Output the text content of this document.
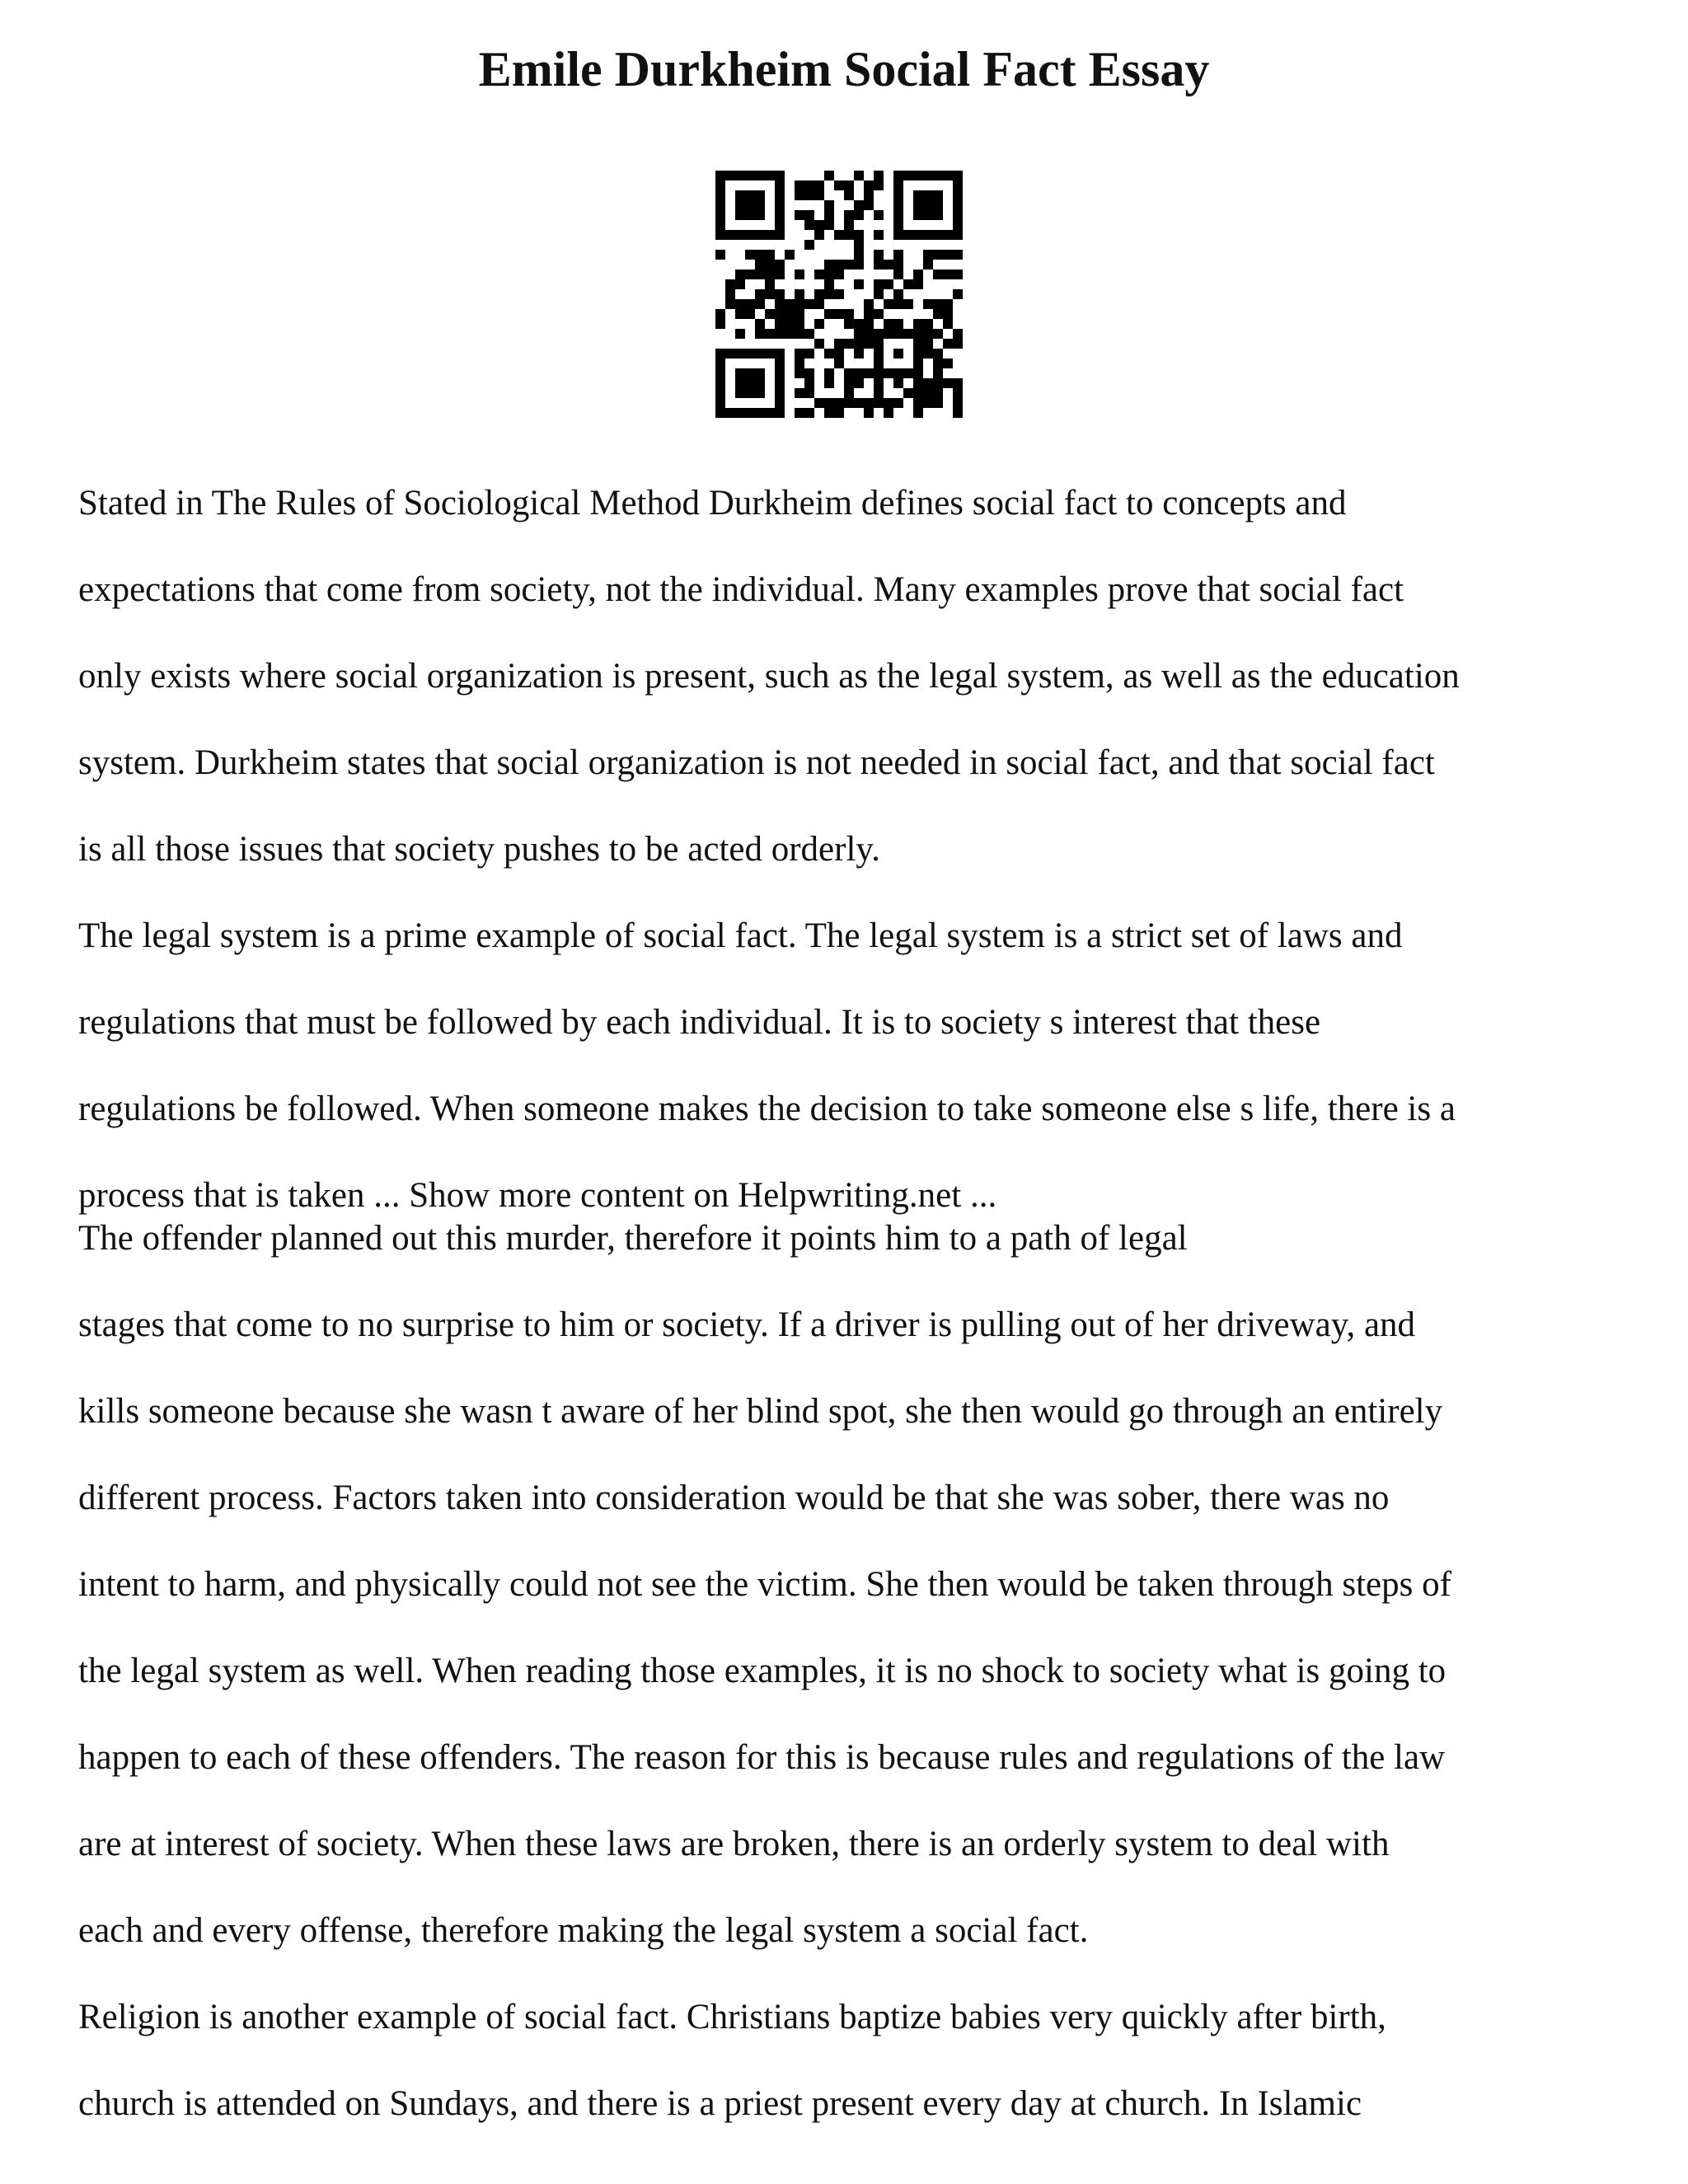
Emile Durkheim Social Fact Essay

Stated in The Rules of Sociological Method Durkheim defines social fact to concepts and

expectations that come from society, not the individual. Many examples prove that social fact

only exists where social organization is present, such as the legal system, as well as the education

system. Durkheim states that social organization is not needed in social fact, and that social fact

is all those issues that society pushes to be acted orderly.

The legal system is a prime example of social fact. The legal system is a strict set of laws and

regulations that must be followed by each individual. It is to society s interest that these

regulations be followed. When someone makes the decision to take someone else s life, there is a

process that is taken ... Show more content on Helpwriting.net ...

The offender planned out this murder, therefore it points him to a path of legal

stages that come to no surprise to him or society. If a driver is pulling out of her driveway, and

kills someone because she wasn t aware of her blind spot, she then would go through an entirely

different process. Factors taken into consideration would be that she was sober, there was no

intent to harm, and physically could not see the victim. She then would be taken through steps of

the legal system as well. When reading those examples, it is no shock to society what is going to

happen to each of these offenders. The reason for this is because rules and regulations of the law

are at interest of society. When these laws are broken, there is an orderly system to deal with

each and every offense, therefore making the legal system a social fact.

Religion is another example of social fact. Christians baptize babies very quickly after birth,

church is attended on Sundays, and there is a priest present every day at church. In Islamic
